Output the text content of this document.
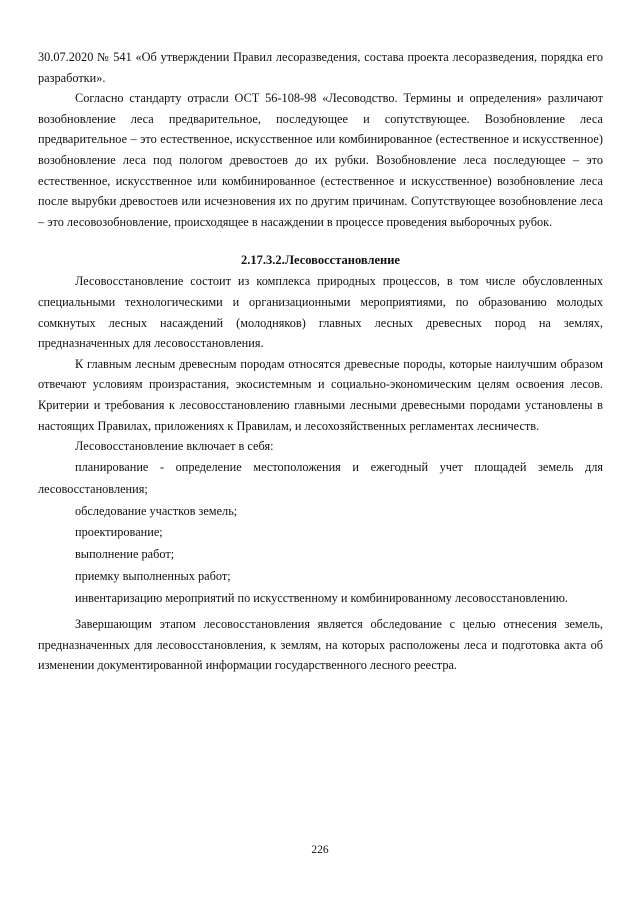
30.07.2020 № 541 «Об утверждении Правил лесоразведения, состава проекта лесоразведения, порядка его разработки».

Согласно стандарту отрасли ОСТ 56-108-98 «Лесоводство. Термины и определения» различают возобновление леса предварительное, последующее и сопутствующее. Возобновление леса предварительное – это естественное, искусственное или комбинированное (естественное и искусственное) возобновление леса под пологом древостоев до их рубки. Возобновление леса последующее – это естественное, искусственное или комбинированное (естественное и искусственное) возобновление леса после вырубки древостоев или исчезновения их по другим причинам. Сопутствующее возобновление леса – это лесовозобновление, происходящее в насаждении в процессе проведения выборочных рубок.

2.17.3.2.Лесовосстановление

Лесовосстановление состоит из комплекса природных процессов, в том числе обусловленных специальными технологическими и организационными мероприятиями, по образованию молодых сомкнутых лесных насаждений (молодняков) главных лесных древесных пород на землях, предназначенных для лесовосстановления.

К главным лесным древесным породам относятся древесные породы, которые наилучшим образом отвечают условиям произрастания, экосистемным и социально-экономическим целям освоения лесов. Критерии и требования к лесовосстановлению главными лесными древесными породами установлены в настоящих Правилах, приложениях к Правилам, и лесохозяйственных регламентах лесничеств.

Лесовосстановление включает в себя:

планирование - определение местоположения и ежегодный учет площадей земель для лесовосстановления;
обследование участков земель;
проектирование;
выполнение работ;
приемку выполненных работ;
инвентаризацию мероприятий по искусственному и комбинированному лесовосстановлению.

Завершающим этапом лесовосстановления является обследование с целью отнесения земель, предназначенных для лесовосстановления, к землям, на которых расположены леса и подготовка акта об изменении документированной информации государственного лесного реестра.

226
